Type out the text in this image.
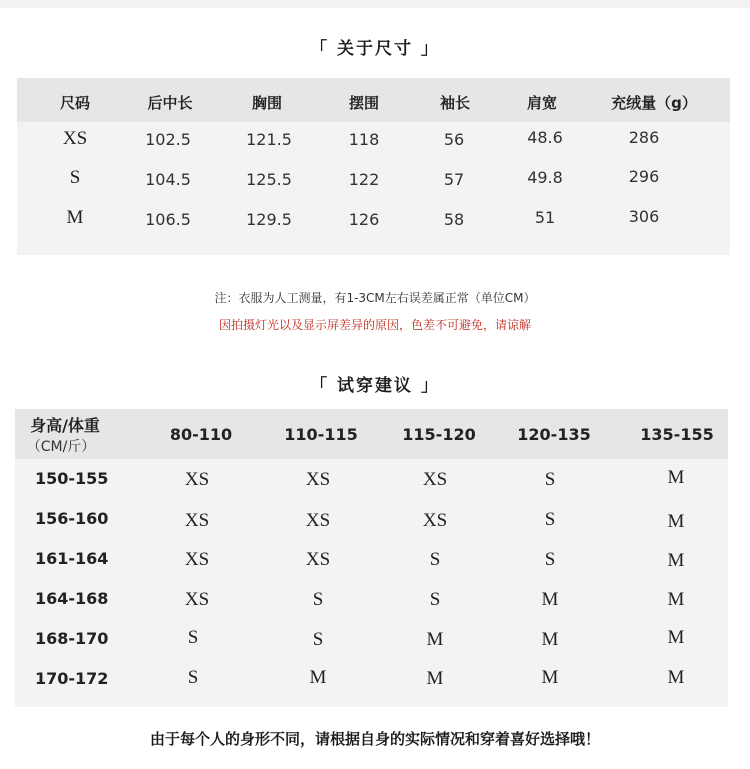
「 关于尺寸 」
尺码	后中长	胸围	摆围	袖长	肩宽	充绒量（g）
XS	102.5	121.5	118	56	48.6	286
S	104.5	125.5	122	57	49.8	296
M	106.5	129.5	126	58	51	306
注：衣服为人工测量，有1-3CM左右误差属正常（单位CM）
因拍摄灯光以及显示屏差异的原因，色差不可避免，请谅解
「 试穿建议 」
身高/体重
（CM/斤）
80-110	110-115	115-120	120-135	135-155
150-155	XS	XS	XS	S	M
156-160	XS	XS	XS	S	M
161-164	XS	XS	S	S	M
164-168	XS	S	S	M	M
168-170	S	S	M	M	M
170-172	S	M	M	M	M
由于每个人的身形不同，请根据自身的实际情况和穿着喜好选择哦！
